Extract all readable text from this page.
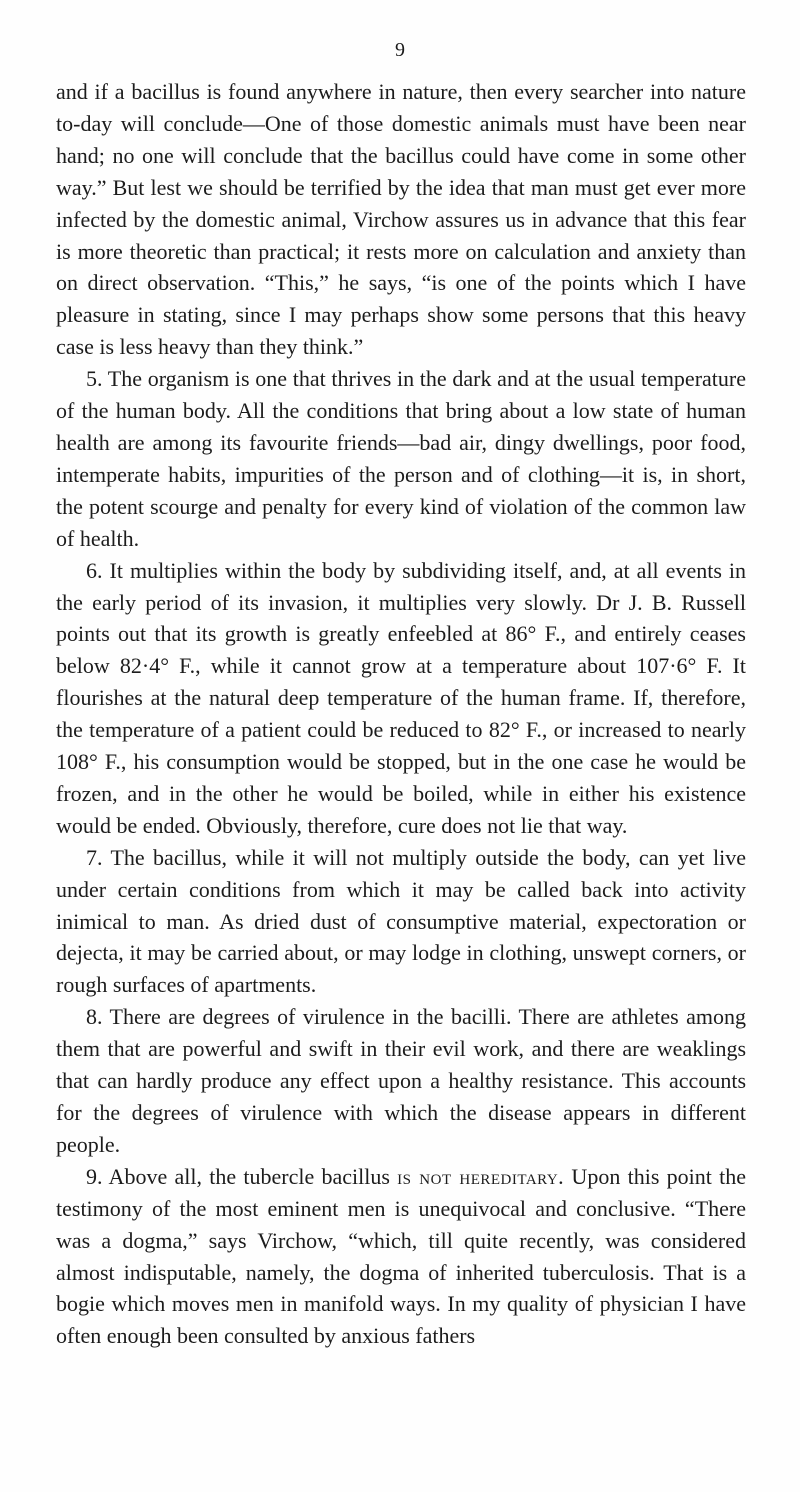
9

and if a bacillus is found anywhere in nature, then every searcher into nature to-day will conclude—One of those domestic animals must have been near hand; no one will conclude that the bacillus could have come in some other way.” But lest we should be terrified by the idea that man must get ever more infected by the domestic animal, Virchow assures us in advance that this fear is more theoretic than practical; it rests more on calculation and anxiety than on direct observation. “This,” he says, “is one of the points which I have pleasure in stating, since I may perhaps show some persons that this heavy case is less heavy than they think.”

5. The organism is one that thrives in the dark and at the usual temperature of the human body. All the conditions that bring about a low state of human health are among its favourite friends—bad air, dingy dwellings, poor food, intemperate habits, impurities of the person and of clothing—it is, in short, the potent scourge and penalty for every kind of violation of the common law of health.

6. It multiplies within the body by subdividing itself, and, at all events in the early period of its invasion, it multiplies very slowly. Dr J. B. Russell points out that its growth is greatly enfeebled at 86° F., and entirely ceases below 82·4° F., while it cannot grow at a temperature about 107·6° F. It flourishes at the natural deep temperature of the human frame. If, therefore, the temperature of a patient could be reduced to 82° F., or increased to nearly 108° F., his consumption would be stopped, but in the one case he would be frozen, and in the other he would be boiled, while in either his existence would be ended. Obviously, therefore, cure does not lie that way.

7. The bacillus, while it will not multiply outside the body, can yet live under certain conditions from which it may be called back into activity inimical to man. As dried dust of consumptive material, expectoration or dejecta, it may be carried about, or may lodge in clothing, unswept corners, or rough surfaces of apartments.

8. There are degrees of virulence in the bacilli. There are athletes among them that are powerful and swift in their evil work, and there are weaklings that can hardly produce any effect upon a healthy resistance. This accounts for the degrees of virulence with which the disease appears in different people.

9. Above all, the tubercle bacillus is not hereditary. Upon this point the testimony of the most eminent men is unequivocal and conclusive. “There was a dogma,” says Virchow, “which, till quite recently, was considered almost indisputable, namely, the dogma of inherited tuberculosis. That is a bogie which moves men in manifold ways. In my quality of physician I have often enough been consulted by anxious fathers
